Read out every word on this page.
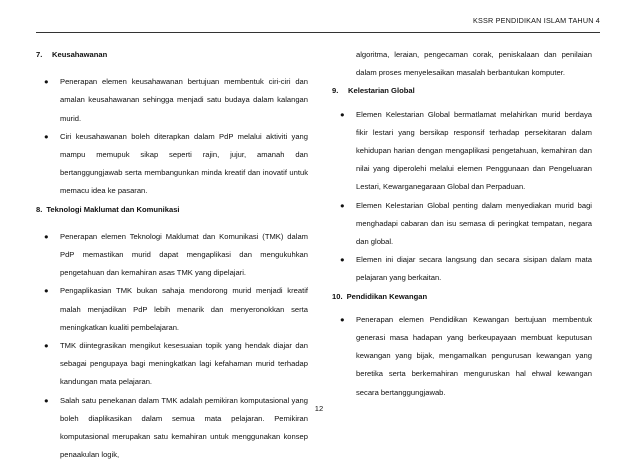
KSSR PENDIDIKAN ISLAM TAHUN 4

7. Keusahawanan

● Penerapan elemen keusahawanan bertujuan membentuk ciri-ciri dan amalan keusahawanan sehingga menjadi satu budaya dalam kalangan murid.
● Ciri keusahawanan boleh diterapkan dalam PdP melalui aktiviti yang mampu memupuk sikap seperti rajin, jujur, amanah dan bertanggungjawab serta membangunkan minda kreatif dan inovatif untuk memacu idea ke pasaran.

8. Teknologi Maklumat dan Komunikasi

● Penerapan elemen Teknologi Maklumat dan Komunikasi (TMK) dalam PdP memastikan murid dapat mengaplikasi dan mengukuhkan pengetahuan dan kemahiran asas TMK yang dipelajari.
● Pengaplikasian TMK bukan sahaja mendorong murid menjadi kreatif malah menjadikan PdP lebih menarik dan menyeronokkan serta meningkatkan kualiti pembelajaran.
● TMK diintegrasikan mengikut kesesuaian topik yang hendak diajar dan sebagai pengupaya bagi meningkatkan lagi kefahaman murid terhadap kandungan mata pelajaran.
● Salah satu penekanan dalam TMK adalah pemikiran komputasional yang boleh diaplikasikan dalam semua mata pelajaran. Pemikiran komputasional merupakan satu kemahiran untuk menggunakan konsep penaakulan logik,
algoritma, leraian, pengecaman corak, peniskalaan dan penilaian dalam proses menyelesaikan masalah berbantukan komputer.

9. Kelestarian Global

● Elemen Kelestarian Global bermatlamat melahirkan murid berdaya fikir lestari yang bersikap responsif terhadap persekitaran dalam kehidupan harian dengan mengaplikasi pengetahuan, kemahiran dan nilai yang diperolehi melalui elemen Penggunaan dan Pengeluaran Lestari, Kewarganegaraan Global dan Perpaduan.
● Elemen Kelestarian Global penting dalam menyediakan murid bagi menghadapi cabaran dan isu semasa di peringkat tempatan, negara dan global.
● Elemen ini diajar secara langsung dan secara sisipan dalam mata pelajaran yang berkaitan.

10. Pendidikan Kewangan

● Penerapan elemen Pendidikan Kewangan bertujuan membentuk generasi masa hadapan yang berkeupayaan membuat keputusan kewangan yang bijak, mengamalkan pengurusan kewangan yang beretika serta berkemahiran menguruskan hal ehwal kewangan secara bertanggungjawab.
12
